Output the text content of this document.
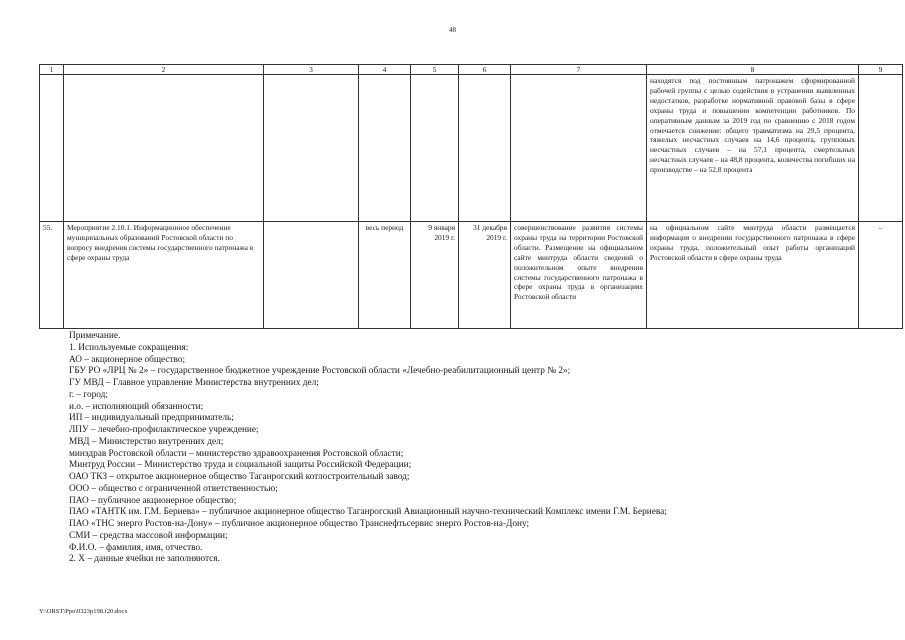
48
1	2	3	4	5	6	7	8	9
							находятся под постоянным патронажем сформированной рабочей группы с целью содействия в устранении выявленных недостатков, разработке нормативной правовой базы в сфере охраны труда и повышении компетенции работников. По оперативным данным за 2019 год по сравнению с 2018 годом отмечается снижение: общего травматизма на 29,5 процента, тяжелых несчастных случаев на 14,6 процента, групповых несчастных случаев – на 57,1 процента, смертельных несчастных случаев – на 48,8 процента, количества погибших на производстве – на 52,8 процента	
55.	Мероприятие 2.10.1. Информационное обеспечение муниципальных образований Ростовской области по вопросу внедрения системы государственного патронажа в сфере охраны труда		весь период	9 января 2019 г.	31 декабря 2019 г.	совершенствование развития системы охраны труда на территории Ростовской области. Размещение на официальном сайте минтруда области сведений о положительном опыте внедрения системы государственного патронажа в сфере охраны труда в организациях Ростовской области	на официальном сайте минтруда области размещается информация о внедрении государственного патронажа в сфере охраны труда, положительный опыт работы организаций Ростовской области в сфере охраны труда	–
Примечание.
1. Используемые сокращения:
АО – акционерное общество;
ГБУ РО «ЛРЦ № 2» – государственное бюджетное учреждение Ростовской области «Лечебно-реабилитационный центр № 2»;
ГУ МВД – Главное управление Министерства внутренних дел;
г. – город;
и.о. – исполняющий обязанности;
ИП – индивидуальный предприниматель;
ЛПУ – лечебно-профилактическое учреждение;
МВД – Министерство внутренних дел;
минздрав Ростовской области – министерство здравоохранения Ростовской области;
Минтруд России – Министерство труда и социальной защиты Российской Федерации;
ОАО ТКЗ – открытое акционерное общество Таганрогский котлостроительный завод;
ООО – общество с ограниченной ответственностью;
ПАО – публичное акционерное общество;
ПАО «ТАНТК им. Г.М. Бериева» – публичное акционерное общество Таганрогский Авиационный научно-технический Комплекс имени Г.М. Бериева;
ПАО «ТНС энерго Ростов-на-Дону» – публичное акционерное общество Транснефтьсервис энерго Ростов-на-Дону;
СМИ – средства массовой информации;
Ф.И.О. – фамилия, имя, отчество.
2. X – данные ячейки не заполняются.
Y:\ORST\Ppo\0323p198.f20.docx
